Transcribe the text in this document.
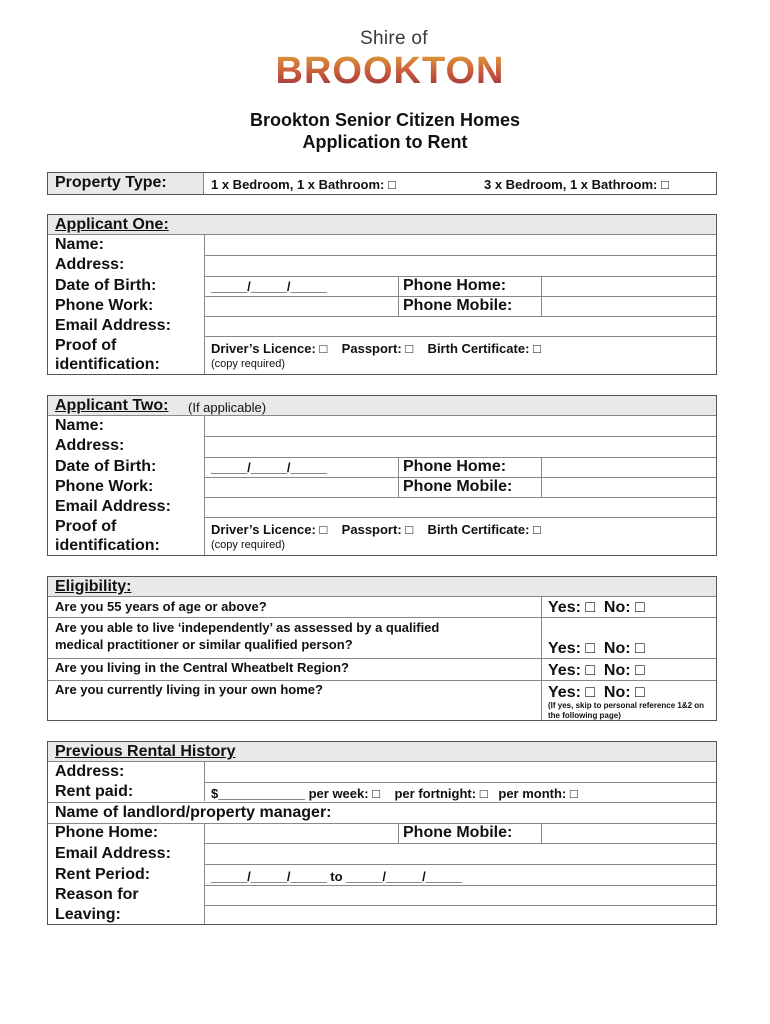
Shire of
BROOKTON
Brookton Senior Citizen Homes
Application to Rent
Property Type:	1 x Bedroom, 1 x Bathroom: □	3 x Bedroom, 1 x Bathroom: □
Applicant One:
Name:
Address:
Date of Birth:	_____/_____/_____	Phone Home:
Phone Work:	Phone Mobile:
Email Address:
Proof of
identification:
Driver’s Licence: □    Passport: □    Birth Certificate: □
(copy required)
Applicant Two: (If applicable)
Name:
Address:
Date of Birth:	_____/_____/_____	Phone Home:
Phone Work:	Phone Mobile:
Email Address:
Proof of
identification:
Driver’s Licence: □    Passport: □    Birth Certificate: □
(copy required)
Eligibility:
Are you 55 years of age or above?	Yes: □  No: □
Are you able to live ‘independently’ as assessed by a qualified
medical practitioner or similar qualified person?	Yes: □  No: □
Are you living in the Central Wheatbelt Region?	Yes: □  No: □
Are you currently living in your own home?	Yes: □  No: □
(If yes, skip to personal reference 1&2 on the following page)
Previous Rental History
Address:
Rent paid:	$____________ per week: □    per fortnight: □   per month: □
Name of landlord/property manager:
Phone Home:	Phone Mobile:
Email Address:
Rent Period:	_____/_____/_____ to _____/_____/_____
Reason for
Leaving:
